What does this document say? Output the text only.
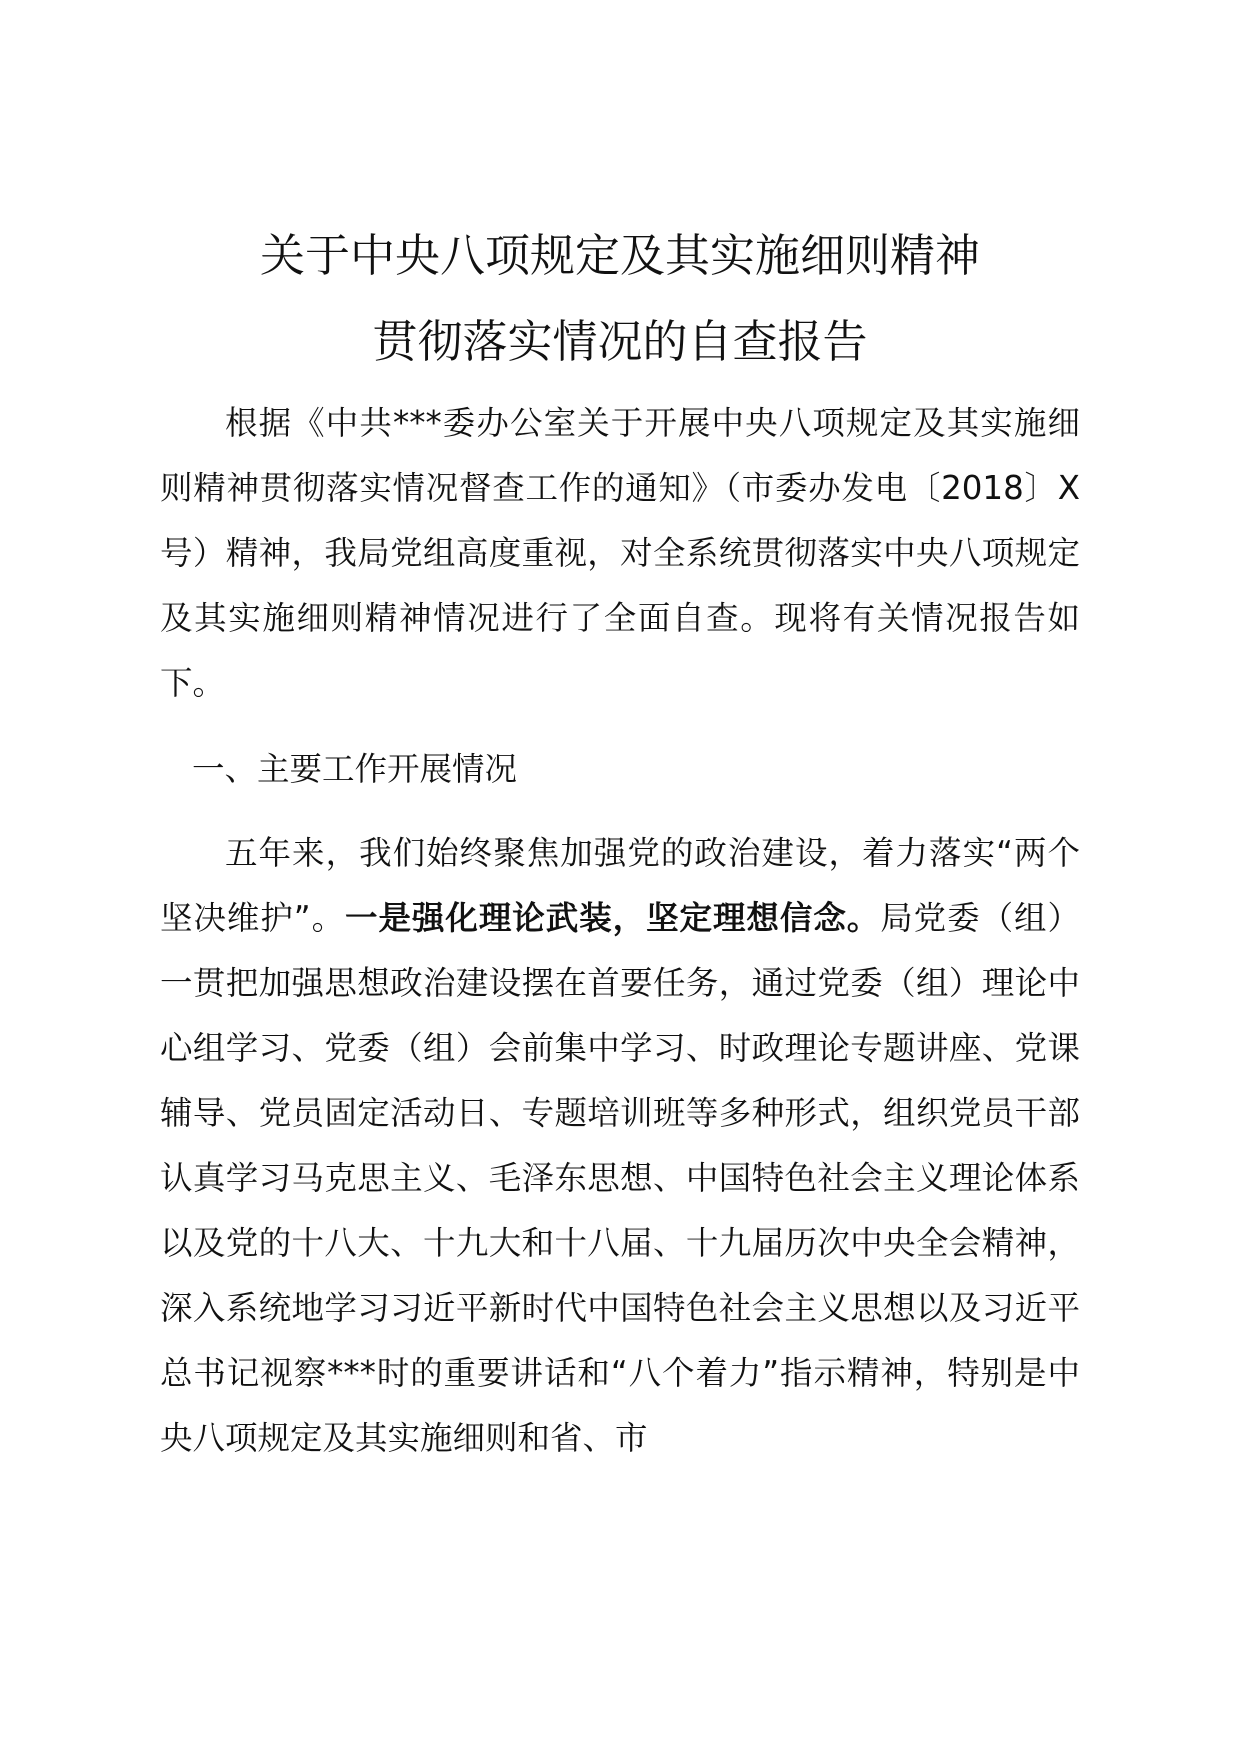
关于中央八项规定及其实施细则精神
贯彻落实情况的自查报告

根据《中共***委办公室关于开展中央八项规定及其实施细则精神贯彻落实情况督查工作的通知》（市委办发电〔2018〕X号）精神，我局党组高度重视，对全系统贯彻落实中央八项规定及其实施细则精神情况进行了全面自查。现将有关情况报告如下。

一、主要工作开展情况

五年来，我们始终聚焦加强党的政治建设，着力落实“两个坚决维护”。一是强化理论武装，坚定理想信念。局党委（组）一贯把加强思想政治建设摆在首要任务，通过党委（组）理论中心组学习、党委（组）会前集中学习、时政理论专题讲座、党课辅导、党员固定活动日、专题培训班等多种形式，组织党员干部认真学习马克思主义、毛泽东思想、中国特色社会主义理论体系以及党的十八大、十九大和十八届、十九届历次中央全会精神，深入系统地学习习近平新时代中国特色社会主义思想以及习近平总书记视察***时的重要讲话和“八个着力”指示精神，特别是中央八项规定及其实施细则和省、市
